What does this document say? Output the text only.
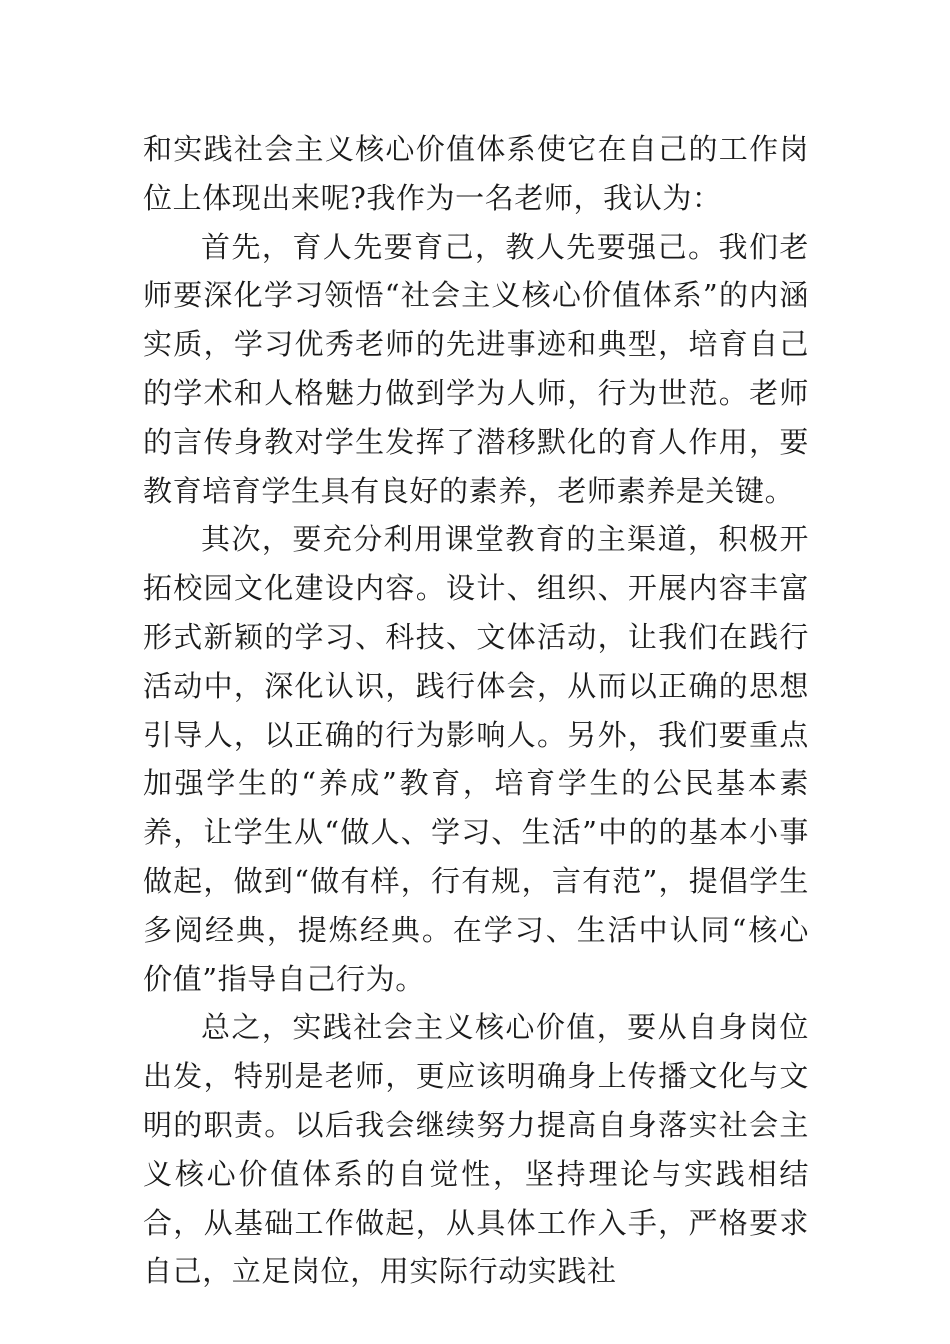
和实践社会主义核心价值体系使它在自己的工作岗位上体现出来呢?我作为一名老师，我认为：

首先，育人先要育己，教人先要强己。我们老师要深化学习领悟“社会主义核心价值体系”的内涵实质，学习优秀老师的先进事迹和典型，培育自己的学术和人格魅力做到学为人师，行为世范。老师的言传身教对学生发挥了潜移默化的育人作用，要教育培育学生具有良好的素养，老师素养是关键。

其次，要充分利用课堂教育的主渠道，积极开拓校园文化建设内容。设计、组织、开展内容丰富形式新颖的学习、科技、文体活动，让我们在践行活动中，深化认识，践行体会，从而以正确的思想引导人，以正确的行为影响人。另外，我们要重点加强学生的“养成”教育，培育学生的公民基本素养，让学生从“做人、学习、生活”中的的基本小事做起，做到“做有样，行有规，言有范”，提倡学生多阅经典，提炼经典。在学习、生活中认同“核心价值”指导自己行为。

总之，实践社会主义核心价值，要从自身岗位出发，特别是老师，更应该明确身上传播文化与文明的职责。以后我会继续努力提高自身落实社会主义核心价值体系的自觉性，坚持理论与实践相结合，从基础工作做起，从具体工作入手，严格要求自己，立足岗位，用实际行动实践社
